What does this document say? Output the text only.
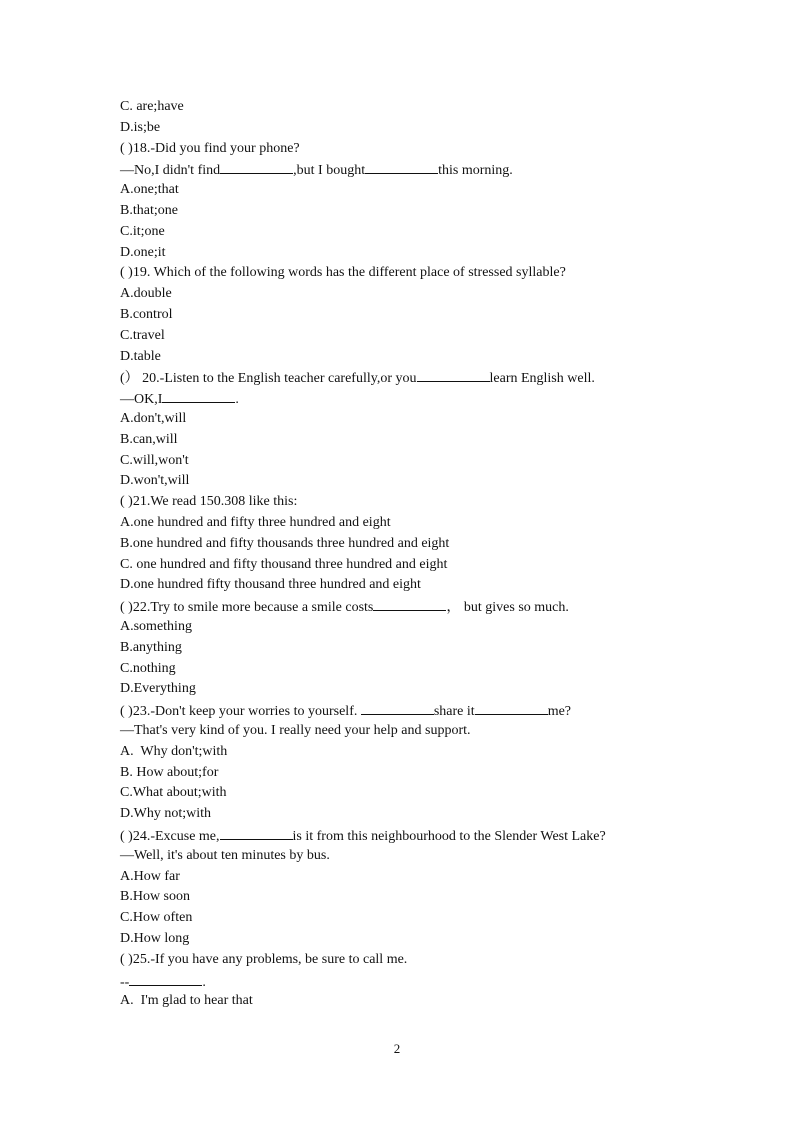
C. are;have
D.is;be
( )18.-Did you find your phone?
—No,I didn't find	,but I bought	this morning.
A.one;that
B.that;one
C.it;one
D.one;it
( )19. Which of the following words has the different place of stressed syllable?
A.double
B.control
C.travel
D.table
(） 20.-Listen to the English teacher carefully,or you	learn English well.
—OK,I	.
A.don't,will
B.can,will
C.will,won't
D.won't,will
( )21.We read 150.308 like this:
A.one hundred and fifty three hundred and eight
B.one hundred and fifty thousands three hundred and eight
C. one hundred and fifty thousand three hundred and eight
D.one hundred fifty thousand three hundred and eight
( )22.Try to smile more because a smile costs	， but gives so much.
A.something
B.anything
C.nothing
D.Everything
( )23.-Don't keep your worries to yourself.	share it	me?
—That's very kind of you. I really need your help and support.
A.  Why don't;with
B. How about;for
C.What about;with
D.Why not;with
( )24.-Excuse me,	is it from this neighbourhood to the Slender West Lake?
—Well, it's about ten minutes by bus.
A.How far
B.How soon
C.How often
D.How long
( )25.-If you have any problems, be sure to call me.
--	.
A.  I'm glad to hear that
2
